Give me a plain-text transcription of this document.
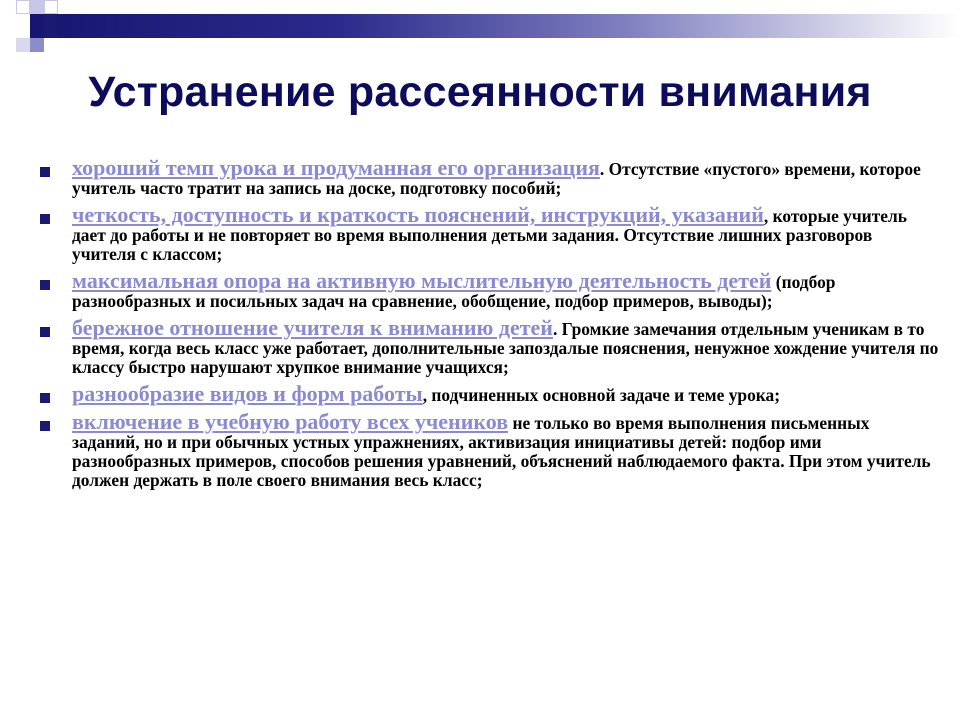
Устранение рассеянности внимания
хороший темп урока и продуманная его организация. Отсутствие «пустого» времени, которое учитель часто тратит на запись на доске, подготовку пособий;
четкость, доступность и краткость пояснений, инструкций, указаний, которые учитель дает до работы и не повторяет во время выполнения детьми задания. Отсутствие лишних разговоров учителя с классом;
максимальная опора на активную мыслительную деятельность детей (подбор разнообразных и посильных задач на сравнение, обобщение, подбор примеров, выводы);
бережное отношение учителя к вниманию детей. Громкие замечания отдельным ученикам в то время, когда весь класс уже работает, дополнительные запоздалые пояснения, ненужное хождение учителя по классу быстро нарушают хрупкое внимание учащихся;
разнообразие видов и форм работы, подчиненных основной задаче и теме урока;
включение в учебную работу всех учеников не только во время выполнения письменных заданий, но и при обычных устных упражнениях, активизация инициативы детей: подбор ими разнообразных примеров, способов решения уравнений, объяснений наблюдаемого факта. При этом учитель должен держать в поле своего внимания весь класс;
